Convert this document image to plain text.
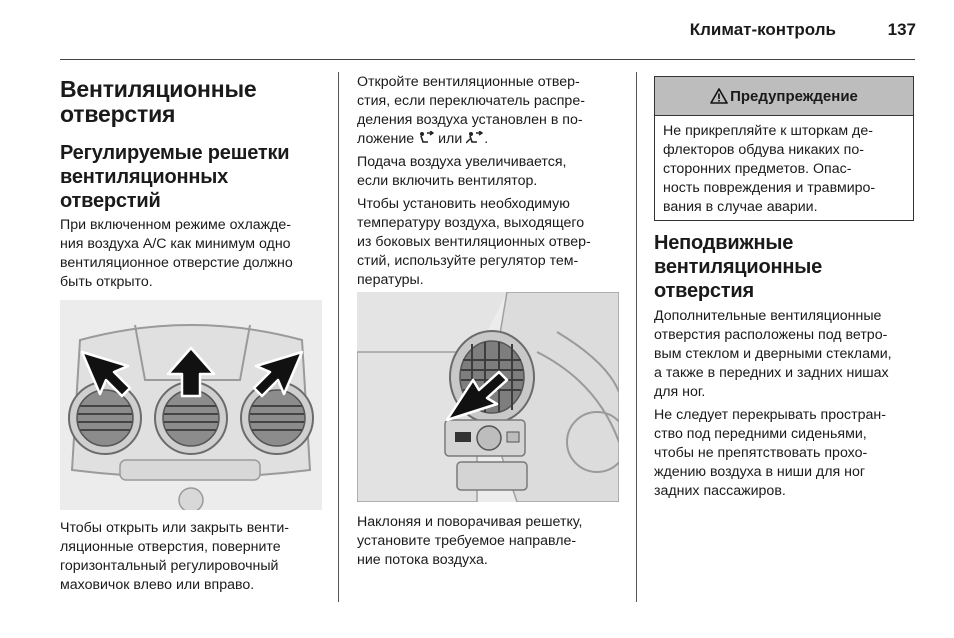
Климат-контроль	137
Вентиляционные
отверстия
Регулируемые решетки
вентиляционных
отверстий
При включенном режиме охлажде-
ния воздуха A/C как минимум одно
вентиляционное отверстие должно
быть открыто.
Чтобы открыть или закрыть венти-
ляционные отверстия, поверните
горизонтальный регулировочный
маховичок влево или вправо.
Откройте вентиляционные отвер-
стия, если переключатель распре-
деления воздуха установлен в по-
ложение или .
Подача воздуха увеличивается,
если включить вентилятор.
Чтобы установить необходимую
температуру воздуха, выходящего
из боковых вентиляционных отвер-
стий, используйте регулятор тем-
пературы.
Наклоняя и поворачивая решетку,
установите требуемое направле-
ние потока воздуха.
Предупреждение
Не прикрепляйте к шторкам де-
флекторов обдува никаких по-
сторонних предметов. Опас-
ность повреждения и травмиро-
вания в случае аварии.
Неподвижные
вентиляционные
отверстия
Дополнительные вентиляционные
отверстия расположены под ветро-
вым стеклом и дверными стеклами,
а также в передних и задних нишах
для ног.
Не следует перекрывать простран-
ство под передними сиденьями,
чтобы не препятствовать прохо-
ждению воздуха в ниши для ног
задних пассажиров.
